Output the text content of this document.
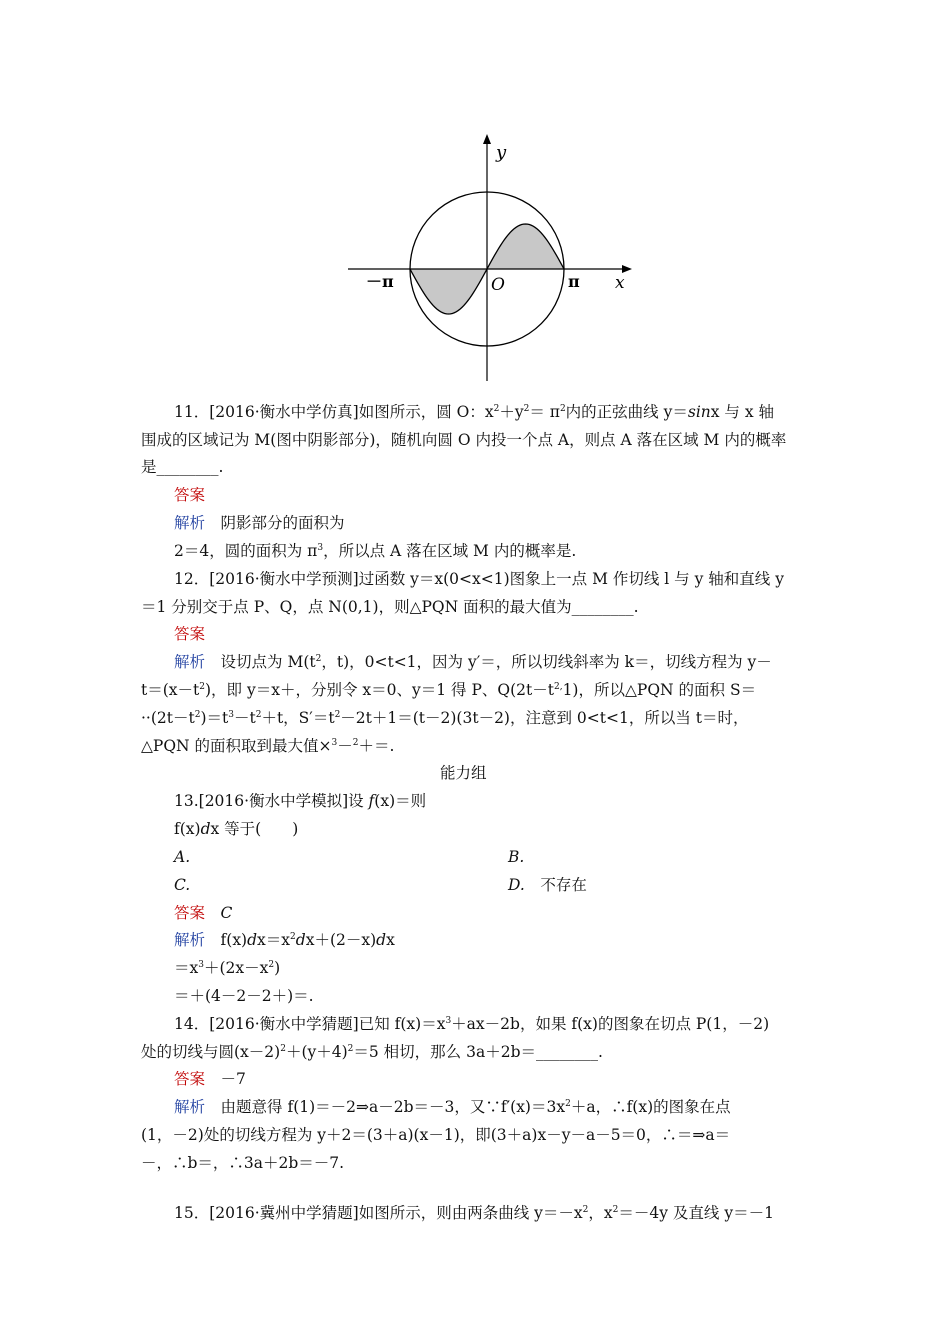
y
x
O
－π	π
11．[2016·衡水中学仿真]如图所示，圆 O：$x^2+y^2= \pi^2$内的正弦曲线 y＝sinx 与 x 轴
围成的区域记为 M(图中阴影部分)，随机向圆 O 内投一个点 A，则点 A 落在区域 M 内的概率
是________.
答案
解析　 阴影部分的面积为
2＝4，圆的面积为 $\pi^3$，所以点 A 落在区域 M 内的概率是.
12．[2016·衡水中学预测]过函数 y＝x(0<x<1)图象上一点 M 作切线 l 与 y 轴和直线 y
＝1 分别交于点 P、Q，点 N(0,1)，则△PQN 面积的最大值为________.
答案
解析　 设切点为 $M(t^2$，t)，0<t<1，因为 y′＝，所以切线斜率为 k＝，切线方程为 y－
$t=(x-t^2)$，即 y＝x＋，分别令 x＝0、y＝1 得 P、$Q(2t-t^{2,}1)$，所以△PQN 的面积 S＝
$\cdot\cdot(2t-t^2)=t^3-t^2+t$，$S'=t^2-2t+1=(t-2)(3t-2)$，注意到 0<t<1，所以当 t＝时，
△PQN 的面积取到最大值×$^3$－$^2$＋＝.
能力组
13.[2016·衡水中学模拟]设 f(x)＝则
f(x)dx 等于(　　)
A.	B.
C.	D.　 不存在
答案　 C
解析　 $f(x)dx=x^2dx+(2-x)dx$
$=x^3+(2x-x^2)$
＝＋(4－2－2＋)＝.
14．[2016·衡水中学猜题]已知 $f(x)=x^3+ax-2b$，如果 f(x)的图象在切点 P(1，－2)
处的切线与圆$(x-2)^2+(y+4)^2=5$ 相切，那么 3a＋2b＝________.
答案　 －7
解析　 由题意得 f(1)＝－2⇒a－2b＝－3，又$\because f'(x)=3x^2+a$，∴f(x)的图象在点
(1，－2)处的切线方程为 y＋2＝(3＋a)(x－1)，即(3＋a)x－y－a－5＝0，∴＝⇒a＝
－，∴b＝，∴3a＋2b＝－7.
15．[2016·冀州中学猜题]如图所示，则由两条曲线 $y=-x^2$，$x^2=-4y$ 及直线 y＝－1
